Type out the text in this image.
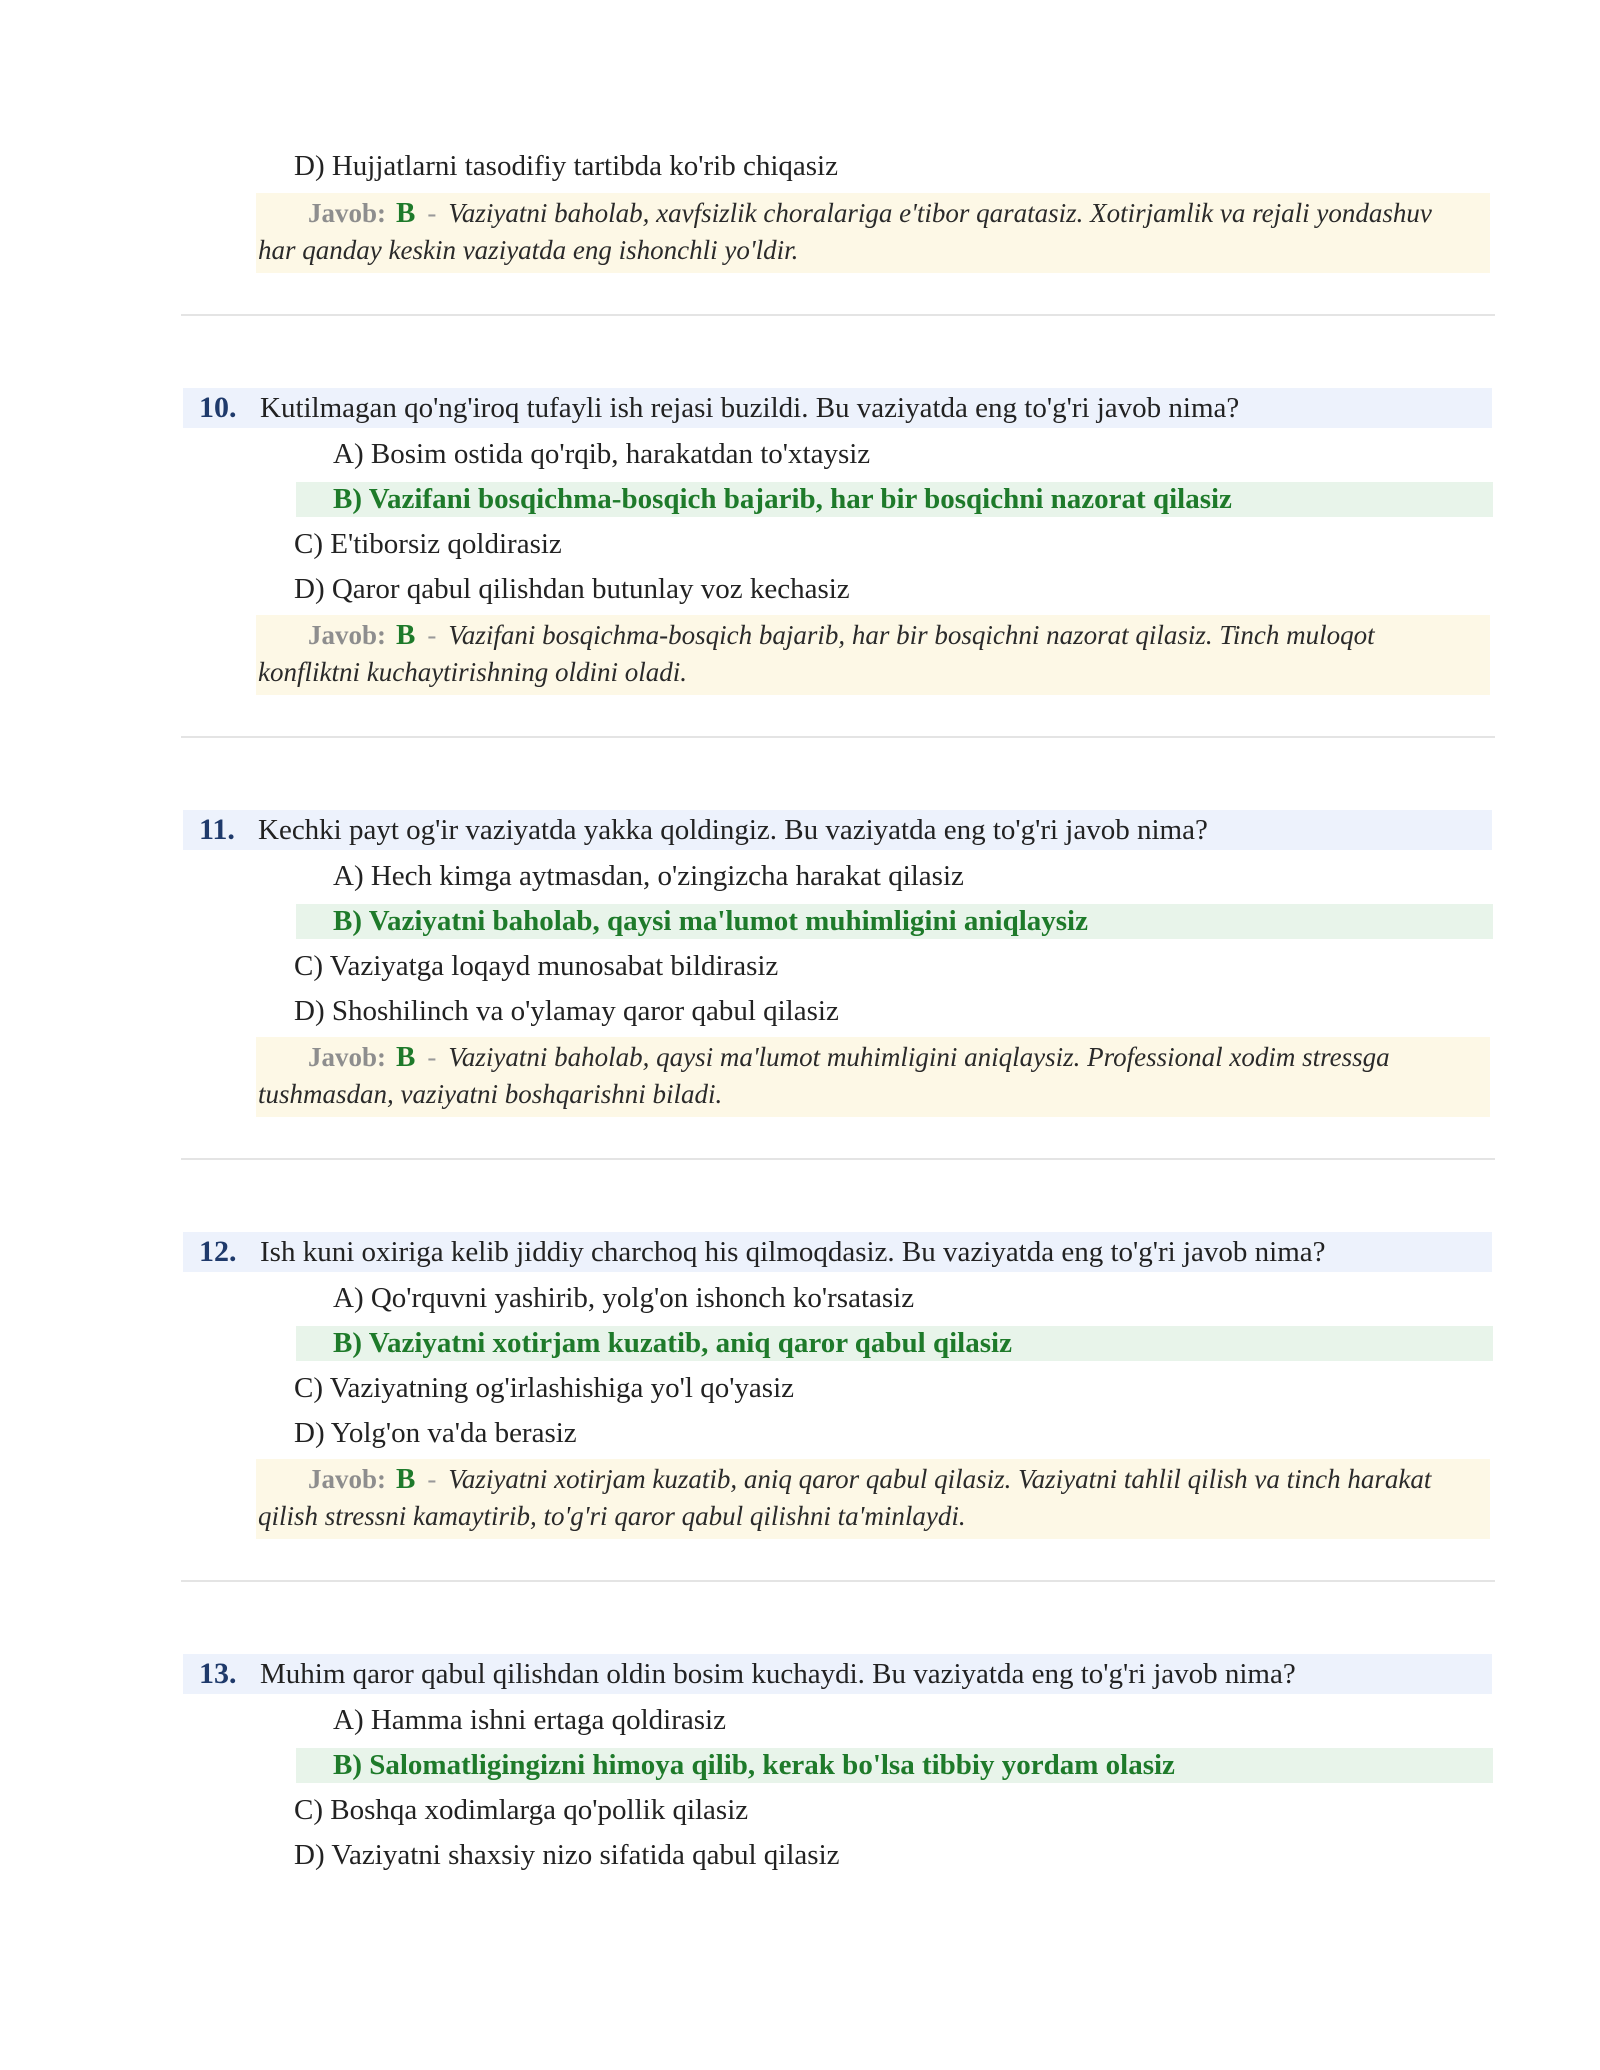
D) Hujjatlarni tasodifiy tartibda ko'rib chiqasiz
Javob: B - Vaziyatni baholab, xavfsizlik choralariga e'tibor qaratasiz. Xotirjamlik va rejali yondashuv har qanday keskin vaziyatda eng ishonchli yo'ldir.
10. Kutilmagan qo'ng'iroq tufayli ish rejasi buzildi. Bu vaziyatda eng to'g'ri javob nima?
A) Bosim ostida qo'rqib, harakatdan to'xtaysiz
B) Vazifani bosqichma-bosqich bajarib, har bir bosqichni nazorat qilasiz
C) E'tiborsiz qoldirasiz
D) Qaror qabul qilishdan butunlay voz kechasiz
Javob: B - Vazifani bosqichma-bosqich bajarib, har bir bosqichni nazorat qilasiz. Tinch muloqot konfliktni kuchaytirishning oldini oladi.
11. Kechki payt og'ir vaziyatda yakka qoldingiz. Bu vaziyatda eng to'g'ri javob nima?
A) Hech kimga aytmasdan, o'zingizcha harakat qilasiz
B) Vaziyatni baholab, qaysi ma'lumot muhimligini aniqlaysiz
C) Vaziyatga loqayd munosabat bildirasiz
D) Shoshilinch va o'ylamay qaror qabul qilasiz
Javob: B - Vaziyatni baholab, qaysi ma'lumot muhimligini aniqlaysiz. Professional xodim stressga tushmasdan, vaziyatni boshqarishni biladi.
12. Ish kuni oxiriga kelib jiddiy charchoq his qilmoqdasiz. Bu vaziyatda eng to'g'ri javob nima?
A) Qo'rquvni yashirib, yolg'on ishonch ko'rsatasiz
B) Vaziyatni xotirjam kuzatib, aniq qaror qabul qilasiz
C) Vaziyatning og'irlashishiga yo'l qo'yasiz
D) Yolg'on va'da berasiz
Javob: B - Vaziyatni xotirjam kuzatib, aniq qaror qabul qilasiz. Vaziyatni tahlil qilish va tinch harakat qilish stressni kamaytirib, to'g'ri qaror qabul qilishni ta'minlaydi.
13. Muhim qaror qabul qilishdan oldin bosim kuchaydi. Bu vaziyatda eng to'g'ri javob nima?
A) Hamma ishni ertaga qoldirasiz
B) Salomatligingizni himoya qilib, kerak bo'lsa tibbiy yordam olasiz
C) Boshqa xodimlarga qo'pollik qilasiz
D) Vaziyatni shaxsiy nizo sifatida qabul qilasiz
